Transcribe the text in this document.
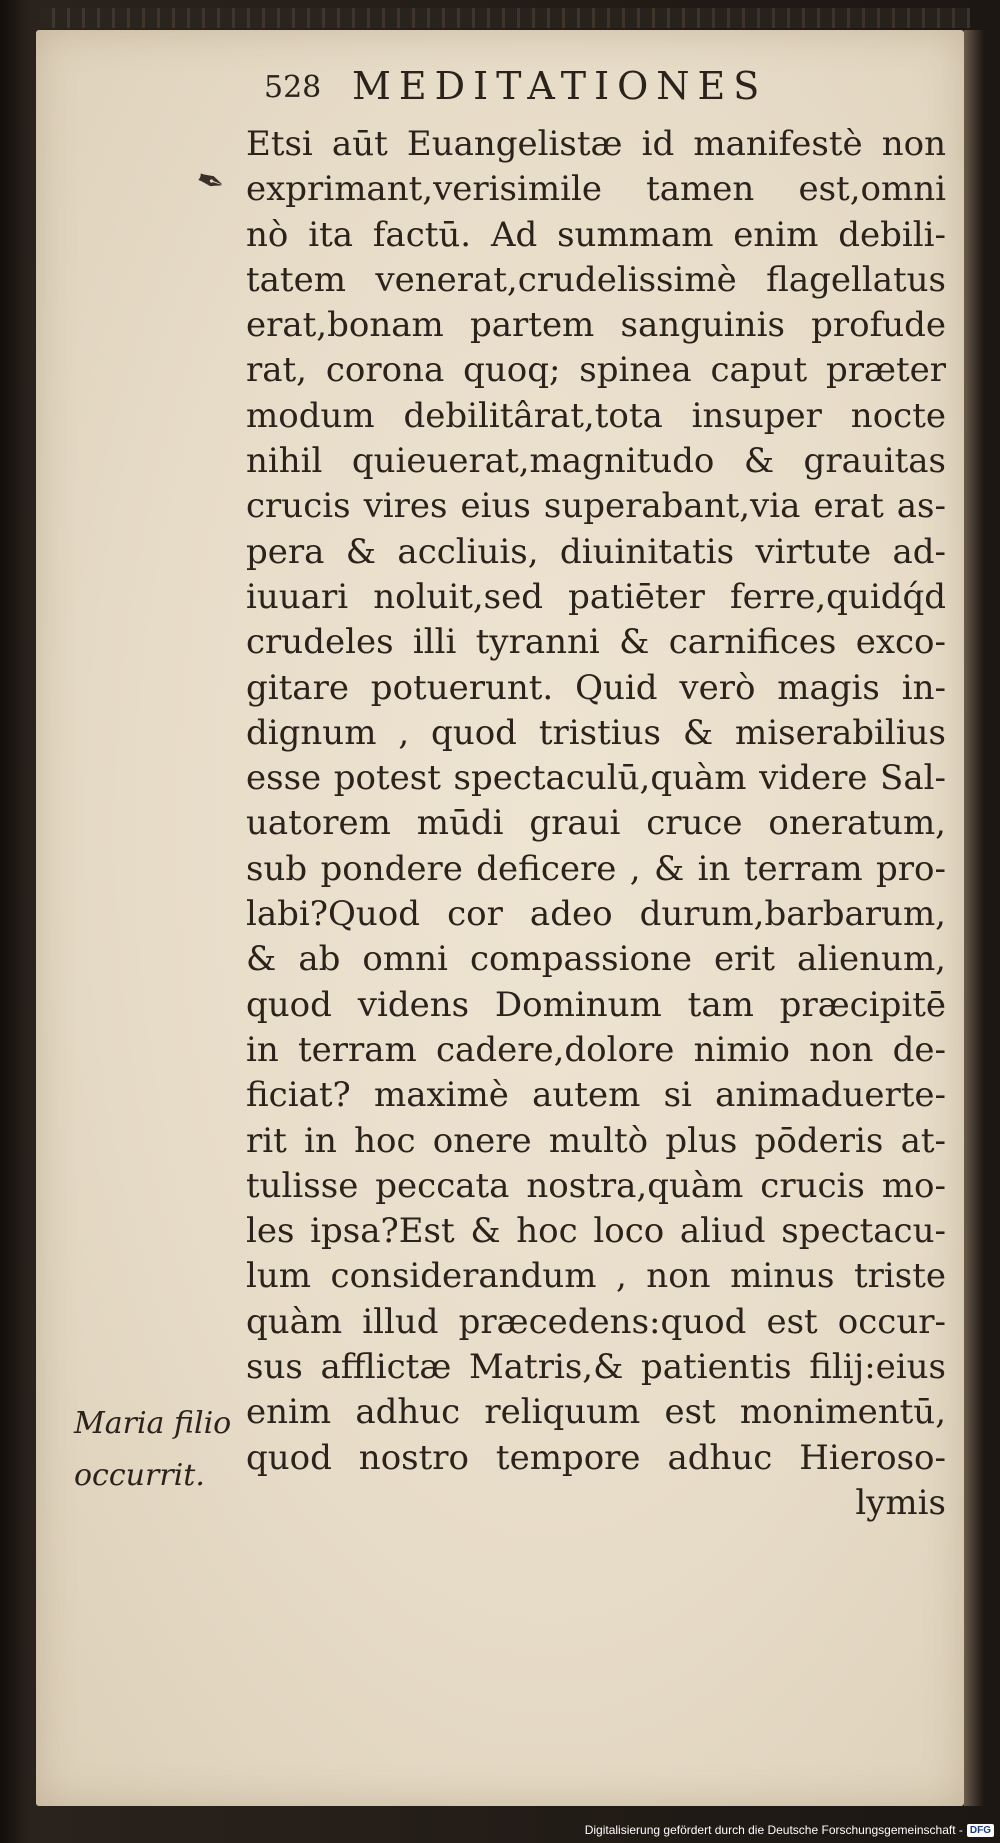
528 MEDITATIONES
✒
Maria filio
occurrit.
Etsi aūt Euangelistæ id manifestè non
exprimant,verisimile tamen est,omni
nò ita factū. Ad summam enim debili-
tatem venerat,crudelissimè flagellatus
erat,bonam partem sanguinis profude
rat, corona quoq; spinea caput præter
modum debilitârat,tota insuper nocte
nihil quieuerat,magnitudo & grauitas
crucis vires eius superabant,via erat as-
pera & accliuis, diuinitatis virtute ad-
iuuari noluit,sed patiēter ferre,quidq́d
crudeles illi tyranni & carnifices exco-
gitare potuerunt. Quid verò magis in-
dignum , quod tristius & miserabilius
esse potest spectaculū,quàm videre Sal-
uatorem mūdi graui cruce oneratum,
sub pondere deficere , & in terram pro-
labi?Quod cor adeo durum,barbarum,
& ab omni compassione erit alienum,
quod videns Dominum tam præcipitē
in terram cadere,dolore nimio non de-
ficiat? maximè autem si animaduerte-
rit in hoc onere multò plus pōderis at-
tulisse peccata nostra,quàm crucis mo-
les ipsa?Est & hoc loco aliud spectacu-
lum considerandum , non minus triste
quàm illud præcedens:quod est occur-
sus afflictæ Matris,& patientis filij:eius
enim adhuc reliquum est monimentū,
quod nostro tempore adhuc Hieroso-
lymis
Digitalisierung gefördert durch die Deutsche Forschungsgemeinschaft - DFG
